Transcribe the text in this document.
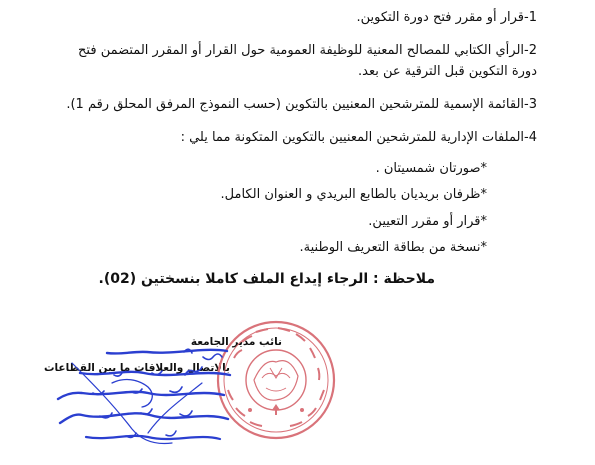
1-قرار أو مقرر فتح دورة التكوين.
2-الرأي الكتابي للمصالح المعنية للوظيفة العمومية حول القرار أو المقرر المتضمن فتح
دورة التكوين قبل الترقية عن بعد.
3-القائمة الإسمية للمترشحين المعنيين بالتكوين (حسب النموذج المرفق المحلق رقم 1).
4-الملفات الإدارية للمترشحين المعنيين بالتكوين المتكونة مما يلي :
*صورتان شمسيتان .
*ظرفان بريديان بالطابع البريدي و العنوان الكامل.
*قرار أو مقرر التعيين.
*نسخة من بطاقة التعريف الوطنية.
ملاحظة : الرجاء إيداع الملف كاملا بنسختين (02).
نائب مدير الجامعة
بالاتصال والعلاقات ما بين القطاعات
